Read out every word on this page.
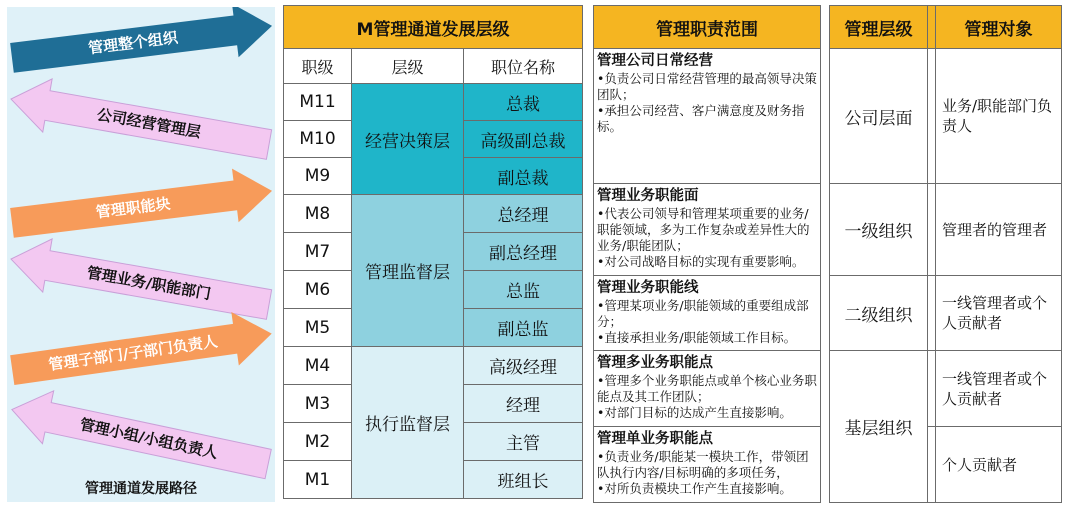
管理整个组织
公司经营管理层
管理职能块
管理业务/职能部门
管理子部门/子部门负责人
管理小组/小组负责人
管理通道发展路径
M管理通道发展层级		
职级	层级	职位名称
M11	经营决策层	总裁
M10		高级副总裁
M9		副总裁
M8	管理监督层	总经理
M7		副总经理
M6		总监
M5		副总监
M4	执行监督层	高级经理
M3		经理
M2		主管
M1		班组长
管理职责范围

管理公司日常经营
•负责公司日常经营管理的最高领导决策团队；
•承担公司经营、客户满意度及财务指标。

管理业务职能面
•代表公司领导和管理某项重要的业务/职能领域，多为工作复杂或差异性大的业务/职能团队；
•对公司战略目标的实现有重要影响。

管理业务职能线
•管理某项业务/职能领域的重要组成部分；
•直接承担业务/职能领域工作目标。

管理多业务职能点
•管理多个业务职能点或单个核心业务职能点及其工作团队；
•对部门目标的达成产生直接影响。

管理单业务职能点
•负责业务/职能某一模块工作，带领团队执行内容/目标明确的多项任务，
•对所负责模块工作产生直接影响。
管理层级		管理对象
公司层面		业务/职能部门负责人
一级组织		管理者的管理者
二级组织		一线管理者或个人贡献者
基层组织		一线管理者或个人贡献者
		个人贡献者
